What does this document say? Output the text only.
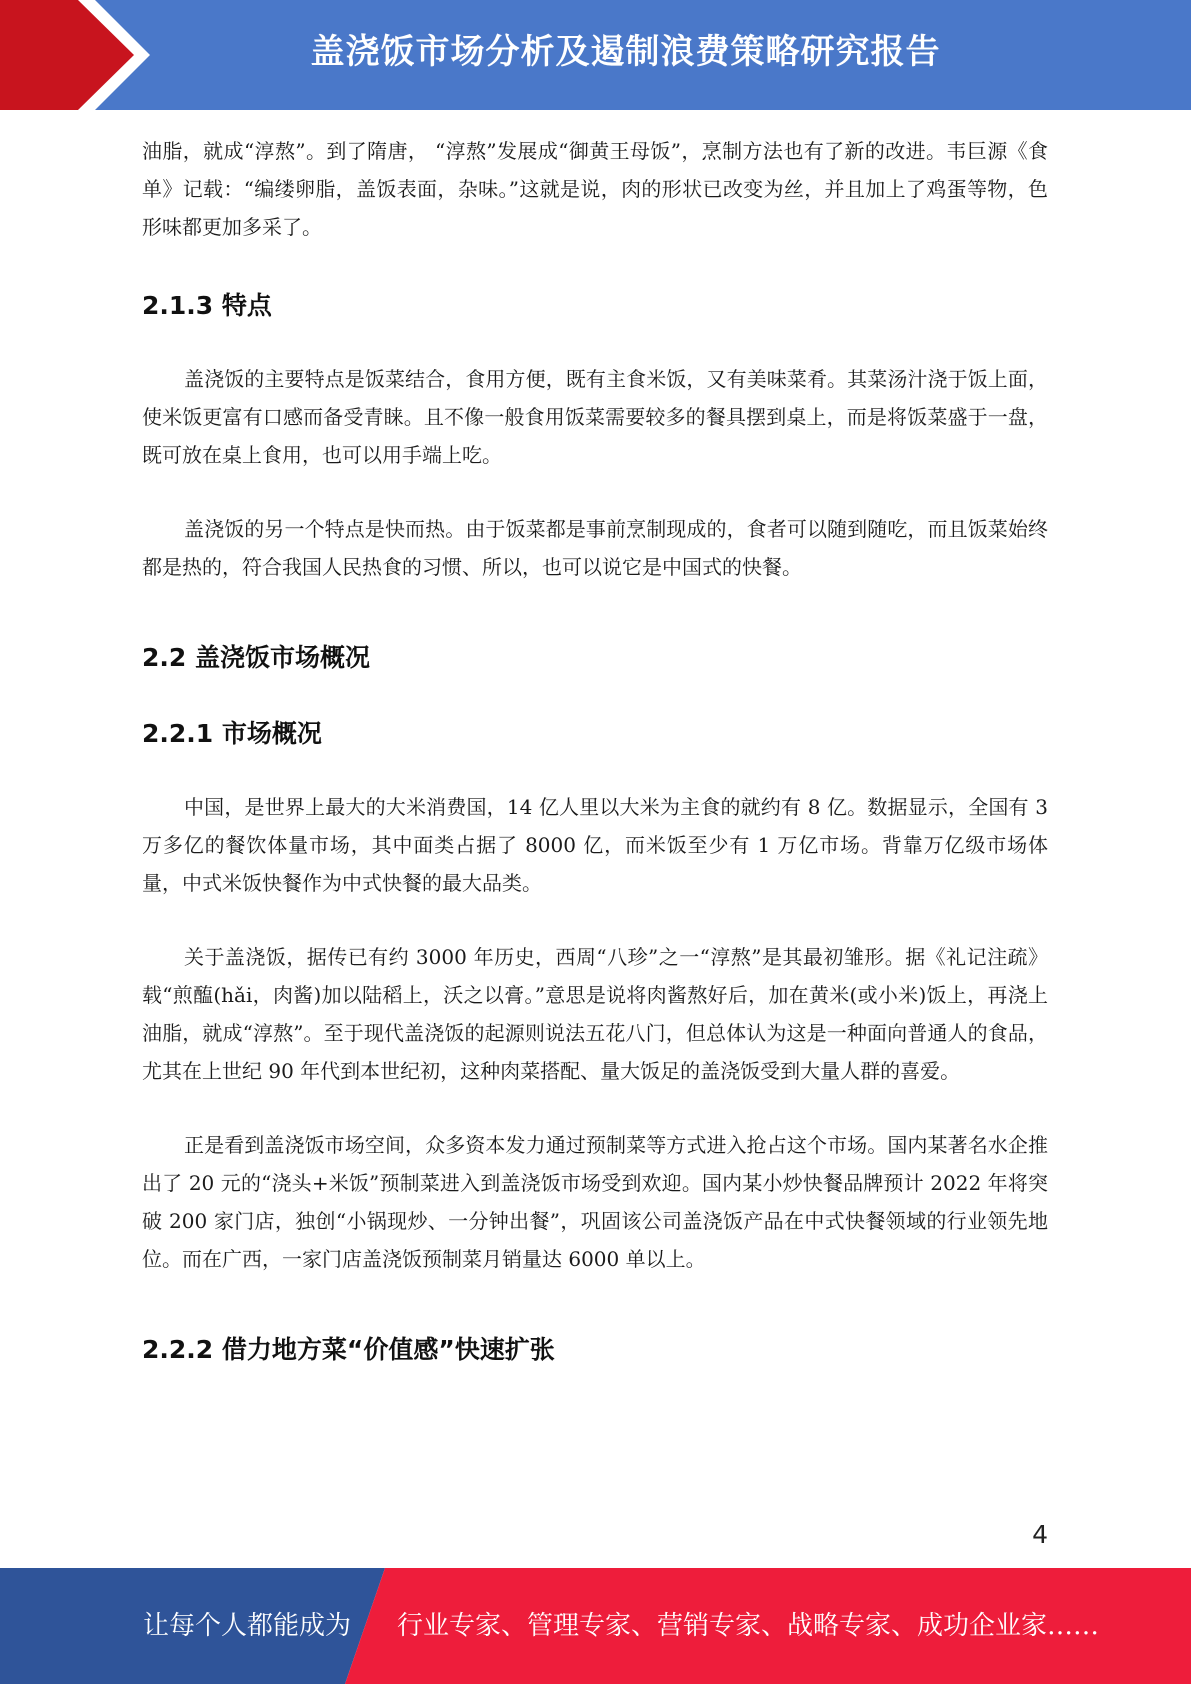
盖浇饭市场分析及遏制浪费策略研究报告

油脂，就成“淳熬”。到了隋唐， “淳熬”发展成“御黄王母饭”，烹制方法也有了新的改进。韦巨源《食单》记载：“编缕卵脂，盖饭表面，杂味。”这就是说，肉的形状已改变为丝，并且加上了鸡蛋等物，色形味都更加多采了。

2.1.3 特点

盖浇饭的主要特点是饭菜结合，食用方便，既有主食米饭，又有美味菜肴。其菜汤汁浇于饭上面，使米饭更富有口感而备受青睐。且不像一般食用饭菜需要较多的餐具摆到桌上，而是将饭菜盛于一盘，既可放在桌上食用，也可以用手端上吃。

盖浇饭的另一个特点是快而热。由于饭菜都是事前烹制现成的，食者可以随到随吃，而且饭菜始终都是热的，符合我国人民热食的习惯、所以，也可以说它是中国式的快餐。

2.2 盖浇饭市场概况
2.2.1 市场概况

中国，是世界上最大的大米消费国，14 亿人里以大米为主食的就约有 8 亿。数据显示，全国有 3 万多亿的餐饮体量市场，其中面类占据了 8000 亿，而米饭至少有 1 万亿市场。背靠万亿级市场体量，中式米饭快餐作为中式快餐的最大品类。

关于盖浇饭，据传已有约 3000 年历史，西周“八珍”之一“淳熬”是其最初雏形。据《礼记注疏》载“煎醢(hǎi，肉酱)加以陆稻上，沃之以膏。”意思是说将肉酱熬好后，加在黄米(或小米)饭上，再浇上油脂，就成“淳熬”。至于现代盖浇饭的起源则说法五花八门，但总体认为这是一种面向普通人的食品，尤其在上世纪 90 年代到本世纪初，这种肉菜搭配、量大饭足的盖浇饭受到大量人群的喜爱。

正是看到盖浇饭市场空间，众多资本发力通过预制菜等方式进入抢占这个市场。国内某著名水企推出了 20 元的“浇头+米饭”预制菜进入到盖浇饭市场受到欢迎。国内某小炒快餐品牌预计 2022 年将突破 200 家门店，独创“小锅现炒、一分钟出餐”，巩固该公司盖浇饭产品在中式快餐领域的行业领先地位。而在广西，一家门店盖浇饭预制菜月销量达 6000 单以上。

2.2.2 借力地方菜“价值感”快速扩张
4
让每个人都能成为 行业专家、管理专家、营销专家、战略专家、成功企业家……
